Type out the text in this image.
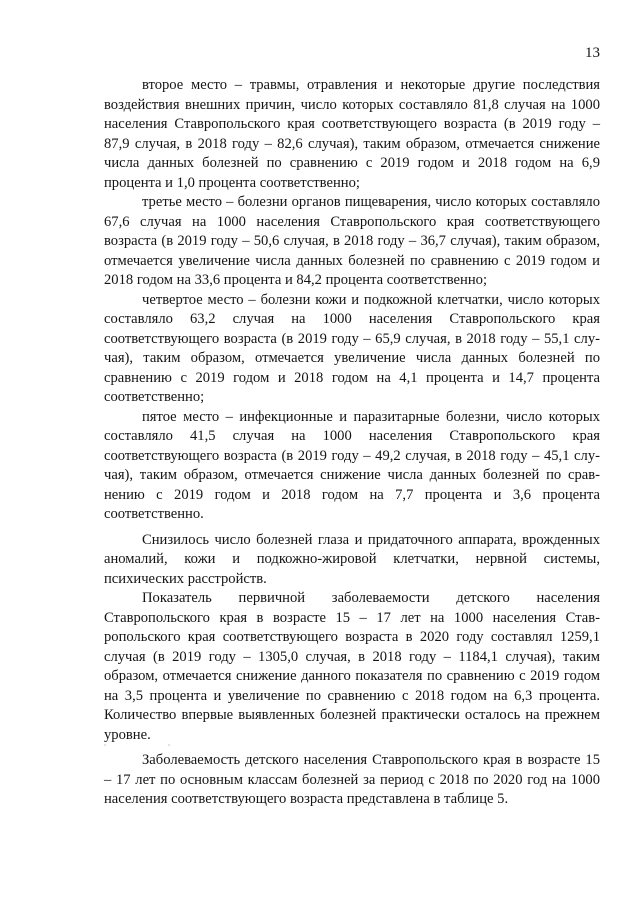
13

второе место – травмы, отравления и некоторые другие последствия воздействия внешних причин, число которых составляло 81,8 случая на 1000 населения Ставропольского края соответствующего возраста (в 2019 году – 87,9 случая, в 2018 году – 82,6 случая), таким образом, отмечается снижение числа данных болезней по сравнению с 2019 годом и 2018 годом на 6,9 процента и 1,0 процента соответственно;

третье место – болезни органов пищеварения, число которых составляло 67,6 случая на 1000 населения Ставропольского края соответствующего возраста (в 2019 году – 50,6 случая, в 2018 году – 36,7 случая), таким образом, отмечается увеличение числа данных болезней по сравнению с 2019 годом и 2018 годом на 33,6 процента и 84,2 процента соответственно;

четвертое место – болезни кожи и подкожной клетчатки, число которых составляло 63,2 случая на 1000 населения Ставропольского края соответствующего возраста (в 2019 году – 65,9 случая, в 2018 году – 55,1 случая), таким образом, отмечается увеличение числа данных болезней по сравнению с 2019 годом и 2018 годом на 4,1 процента и 14,7 процента соответственно;

пятое место – инфекционные и паразитарные болезни, число которых составляло 41,5 случая на 1000 населения Ставропольского края соответствующего возраста (в 2019 году – 49,2 случая, в 2018 году – 45,1 случая), таким образом, отмечается снижение числа данных болезней по сравнению с 2019 годом и 2018 годом на 7,7 процента и 3,6 процента соответственно.

Снизилось число болезней глаза и придаточного аппарата, врожденных аномалий, кожи и подкожно-жировой клетчатки, нервной системы, психических расстройств.

Показатель первичной заболеваемости детского населения Ставропольского края в возрасте 15 – 17 лет на 1000 населения Ставропольского края соответствующего возраста в 2020 году составлял 1259,1 случая (в 2019 году – 1305,0 случая, в 2018 году – 1184,1 случая), таким образом, отмечается снижение данного показателя по сравнению с 2019 годом на 3,5 процента и увеличение по сравнению с 2018 годом на 6,3 процента. Количество впервые выявленных болезней практически осталось на прежнем уровне.

Заболеваемость детского населения Ставропольского края в возрасте 15 – 17 лет по основным классам болезней за период с 2018 по 2020 год на 1000 населения соответствующего возраста представлена в таблице 5.
